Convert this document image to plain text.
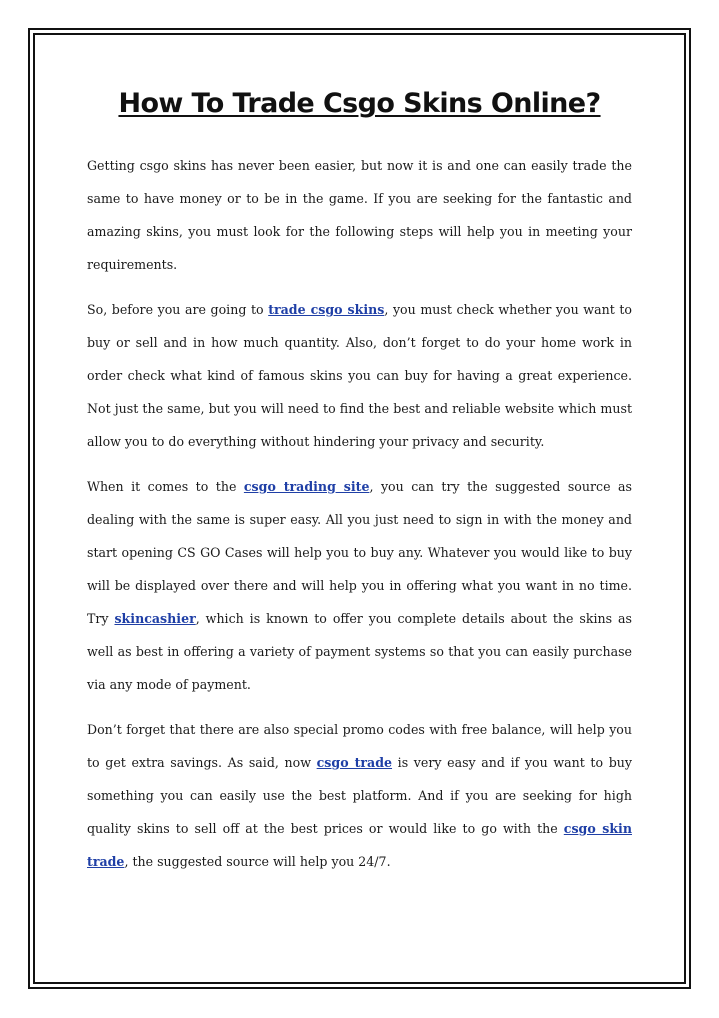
How To Trade Csgo Skins Online?

Getting csgo skins has never been easier, but now it is and one can easily trade the same to have money or to be in the game. If you are seeking for the fantastic and amazing skins, you must look for the following steps will help you in meeting your requirements.

So, before you are going to trade csgo skins, you must check whether you want to buy or sell and in how much quantity. Also, don’t forget to do your home work in order check what kind of famous skins you can buy for having a great experience. Not just the same, but you will need to find the best and reliable website which must allow you to do everything without hindering your privacy and security.

When it comes to the csgo trading site, you can try the suggested source as dealing with the same is super easy. All you just need to sign in with the money and start opening CS GO Cases will help you to buy any. Whatever you would like to buy will be displayed over there and will help you in offering what you want in no time. Try skincashier, which is known to offer you complete details about the skins as well as best in offering a variety of payment systems so that you can easily purchase via any mode of payment.

Don’t forget that there are also special promo codes with free balance, will help you to get extra savings. As said, now csgo trade is very easy and if you want to buy something you can easily use the best platform. And if you are seeking for high quality skins to sell off at the best prices or would like to go with the csgo skin trade, the suggested source will help you 24/7.
